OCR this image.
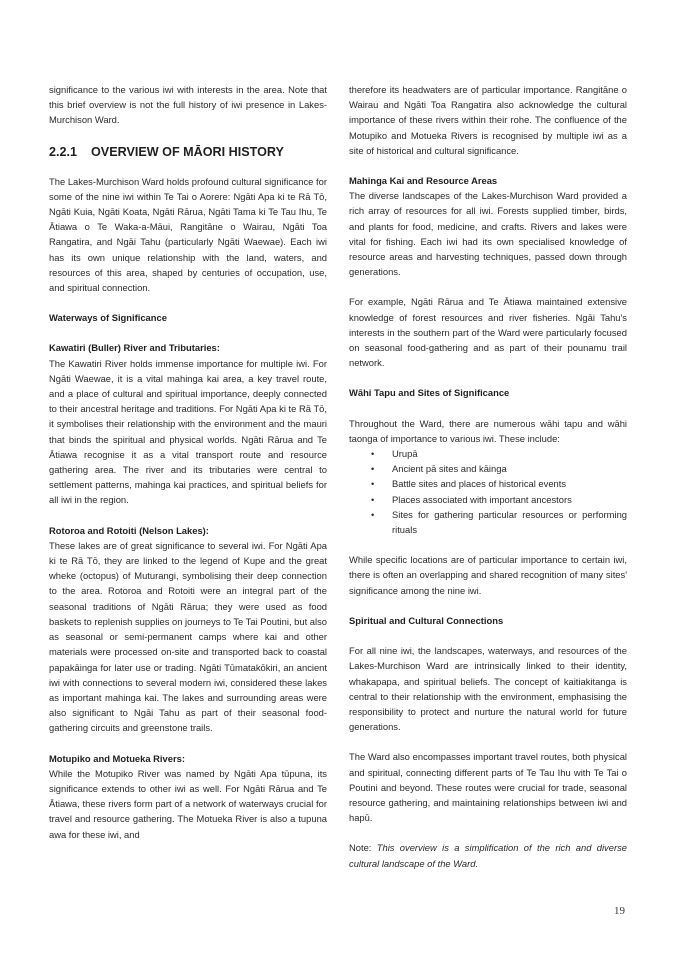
significance to the various iwi with interests in the area. Note that this brief overview is not the full history of iwi presence in Lakes-Murchison Ward.

2.2.1 OVERVIEW OF MĀORI HISTORY

The Lakes-Murchison Ward holds profound cultural significance for some of the nine iwi within Te Tai o Aorere: Ngāti Apa ki te Rā Tō, Ngāti Kuia, Ngāti Koata, Ngāti Rārua, Ngāti Tama ki Te Tau Ihu, Te Ātiawa o Te Waka-a-Māui, Rangitāne o Wairau, Ngāti Toa Rangatira, and Ngāi Tahu (particularly Ngāti Waewae). Each iwi has its own unique relationship with the land, waters, and resources of this area, shaped by centuries of occupation, use, and spiritual connection.

Waterways of Significance

Kawatiri (Buller) River and Tributaries:

The Kawatiri River holds immense importance for multiple iwi. For Ngāti Waewae, it is a vital mahinga kai area, a key travel route, and a place of cultural and spiritual importance, deeply connected to their ancestral heritage and traditions. For Ngāti Apa ki te Rā Tō, it symbolises their relationship with the environment and the mauri that binds the spiritual and physical worlds. Ngāti Rārua and Te Ātiawa recognise it as a vital transport route and resource gathering area. The river and its tributaries were central to settlement patterns, mahinga kai practices, and spiritual beliefs for all iwi in the region.

Rotoroa and Rotoiti (Nelson Lakes):

These lakes are of great significance to several iwi. For Ngāti Apa ki te Rā Tō, they are linked to the legend of Kupe and the great wheke (octopus) of Muturangi, symbolising their deep connection to the area. Rotoroa and Rotoiti were an integral part of the seasonal traditions of Ngāti Rārua; they were used as food baskets to replenish supplies on journeys to Te Tai Poutini, but also as seasonal or semi-permanent camps where kai and other materials were processed on-site and transported back to coastal papakāinga for later use or trading. Ngāti Tūmatakōkiri, an ancient iwi with connections to several modern iwi, considered these lakes as important mahinga kai. The lakes and surrounding areas were also significant to Ngāi Tahu as part of their seasonal food-gathering circuits and greenstone trails.

Motupiko and Motueka Rivers:

While the Motupiko River was named by Ngāti Apa tūpuna, its significance extends to other iwi as well. For Ngāti Rārua and Te Ātiawa, these rivers form part of a network of waterways crucial for travel and resource gathering. The Motueka River is also a tupuna awa for these iwi, and

therefore its headwaters are of particular importance. Rangitāne o Wairau and Ngāti Toa Rangatira also acknowledge the cultural importance of these rivers within their rohe. The confluence of the Motupiko and Motueka Rivers is recognised by multiple iwi as a site of historical and cultural significance.

Mahinga Kai and Resource Areas

The diverse landscapes of the Lakes-Murchison Ward provided a rich array of resources for all iwi. Forests supplied timber, birds, and plants for food, medicine, and crafts. Rivers and lakes were vital for fishing. Each iwi had its own specialised knowledge of resource areas and harvesting techniques, passed down through generations.

For example, Ngāti Rārua and Te Ātiawa maintained extensive knowledge of forest resources and river fisheries. Ngāi Tahu's interests in the southern part of the Ward were particularly focused on seasonal food-gathering and as part of their pounamu trail network.

Wāhi Tapu and Sites of Significance

Throughout the Ward, there are numerous wāhi tapu and wāhi taonga of importance to various iwi. These include:

• Urupā
• Ancient pā sites and kāinga
• Battle sites and places of historical events
• Places associated with important ancestors
• Sites for gathering particular resources or performing rituals

While specific locations are of particular importance to certain iwi, there is often an overlapping and shared recognition of many sites' significance among the nine iwi.

Spiritual and Cultural Connections

For all nine iwi, the landscapes, waterways, and resources of the Lakes-Murchison Ward are intrinsically linked to their identity, whakapapa, and spiritual beliefs. The concept of kaitiakitanga is central to their relationship with the environment, emphasising the responsibility to protect and nurture the natural world for future generations.

The Ward also encompasses important travel routes, both physical and spiritual, connecting different parts of Te Tau Ihu with Te Tai o Poutini and beyond. These routes were crucial for trade, seasonal resource gathering, and maintaining relationships between iwi and hapū.

Note: This overview is a simplification of the rich and diverse cultural landscape of the Ward.

19
